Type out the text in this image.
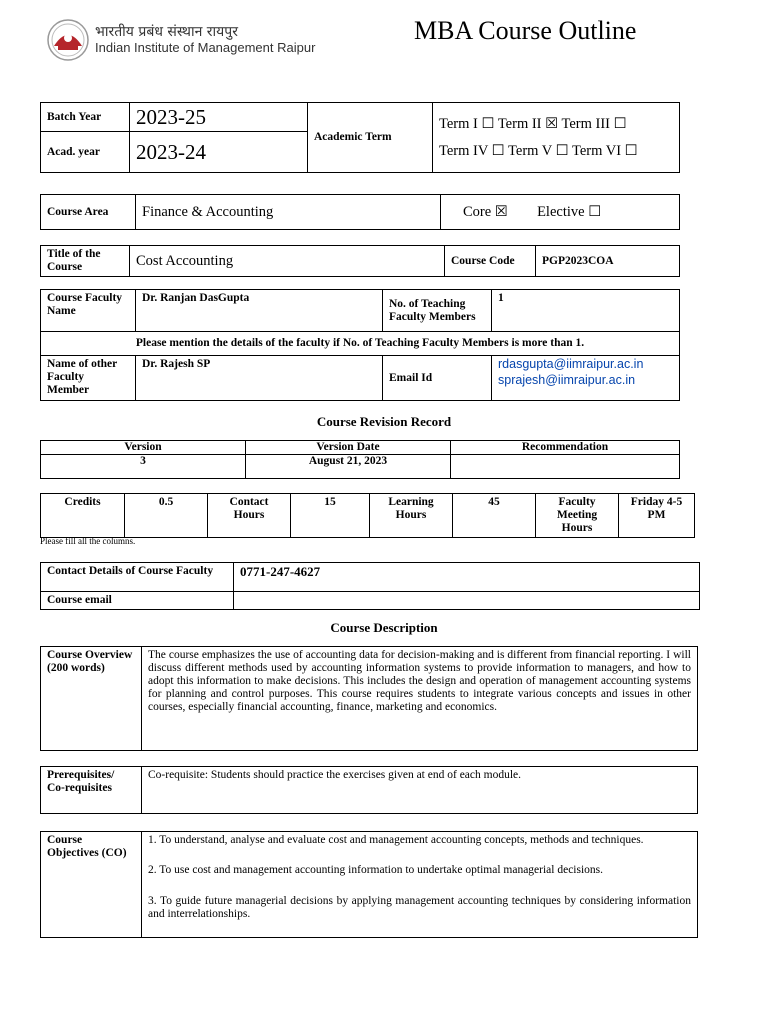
भारतीय प्रबंध संस्थान रायपुर
Indian Institute of Management Raipur
MBA Course Outline
Batch Year	2023-25	Academic Term	Term I ☐ Term II ☒ Term III ☐
Term IV ☐ Term V ☐ Term VI ☐

Acad. year	2023-24		
Course Area	Finance & Accounting	Core ☒ Elective ☐
Title of the Course	Cost Accounting	Course Code	PGP2023COA
Course Faculty Name	Dr. Ranjan DasGupta	No. of Teaching Faculty Members	1
Please mention the details of the faculty if No. of Teaching Faculty Members is more than 1.			
Name of other Faculty Member	Dr. Rajesh SP	Email Id	rdasgupta@iimraipur.ac.in
sprajesh@iimraipur.ac.in
Course Revision Record
Version	Version Date	Recommendation
3	August 21, 2023	
Credits	0.5	Contact Hours	15	Learning Hours	45	Faculty Meeting Hours	Friday 4-5 PM
Please fill all the columns.
Contact Details of Course Faculty	0771-247-4627
Course email	
Course Description
Course Overview (200 words)	The course emphasizes the use of accounting data for decision-making and is different from financial reporting. I will discuss different methods used by accounting information systems to provide information to managers, and how to adopt this information to make decisions. This includes the design and operation of management accounting systems for planning and control purposes. This course requires students to integrate various concepts and issues in other courses, especially financial accounting, finance, marketing and economics.
Prerequisites/ Co-requisites	Co-requisite: Students should practice the exercises given at end of each module.
Course Objectives (CO)	
1. To understand, analyse and evaluate cost and management accounting concepts, methods and techniques.
2. To use cost and management accounting information to undertake optimal managerial decisions.
3. To guide future managerial decisions by applying management accounting techniques by considering information and interrelationships.
